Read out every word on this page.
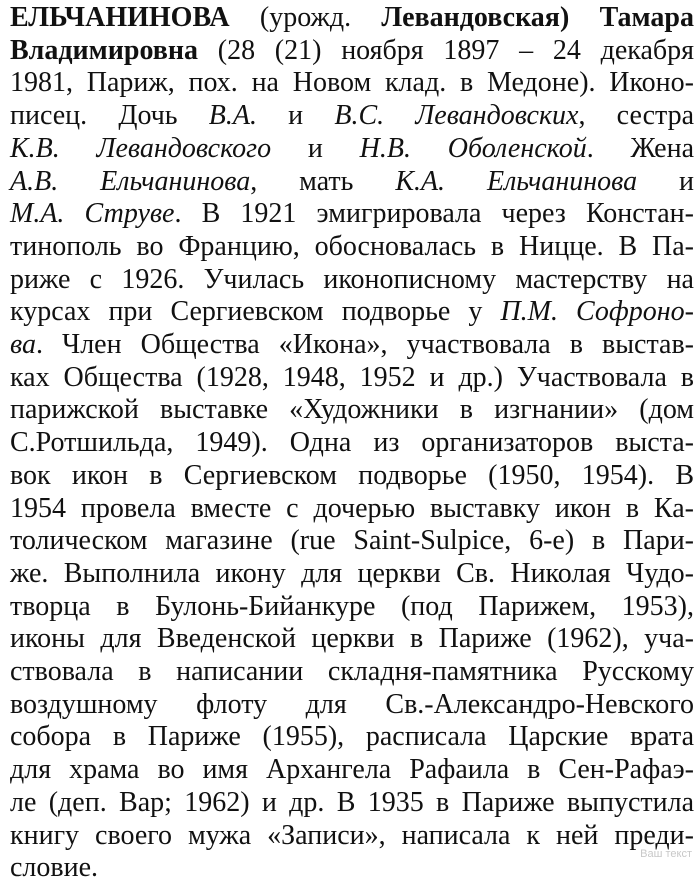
ЕЛЬЧАНИНОВА (урожд. Левандовская) Тамара
Владимировна (28 (21) ноября 1897 – 24 декабря
1981, Париж, пох. на Новом клад. в Медоне). Иконо-
писец. Дочь В.А. и В.С. Левандовских, сестра
К.В. Левандовского и Н.В. Оболенской. Жена
А.В. Ельчанинова, мать К.А. Ельчанинова и
М.А. Струве. В 1921 эмигрировала через Констан-
тинополь во Францию, обосновалась в Ницце. В Па-
риже с 1926. Училась иконописному мастерству на
курсах при Сергиевском подворье у П.М. Софроно-
ва. Член Общества «Икона», участвовала в выстав-
ках Общества (1928, 1948, 1952 и др.) Участвовала в
парижской выставке «Художники в изгнании» (дом
С.Ротшильда, 1949). Одна из организаторов выста-
вок икон в Сергиевском подворье (1950, 1954). В
1954 провела вместе с дочерью выставку икон в Ка-
толическом магазине (rue Saint-Sulpice, 6-е) в Пари-
же. Выполнила икону для церкви Св. Николая Чудо-
творца в Булонь-Бийанкуре (под Парижем, 1953),
иконы для Введенской церкви в Париже (1962), уча-
ствовала в написании складня-памятника Русскому
воздушному флоту для Св.-Александро-Невского
собора в Париже (1955), расписала Царские врата
для храма во имя Архангела Рафаила в Сен-Рафаэ-
ле (деп. Вар; 1962) и др. В 1935 в Париже выпустила
книгу своего мужа «Записи», написала к ней преди-
словие.	Ваш текст
